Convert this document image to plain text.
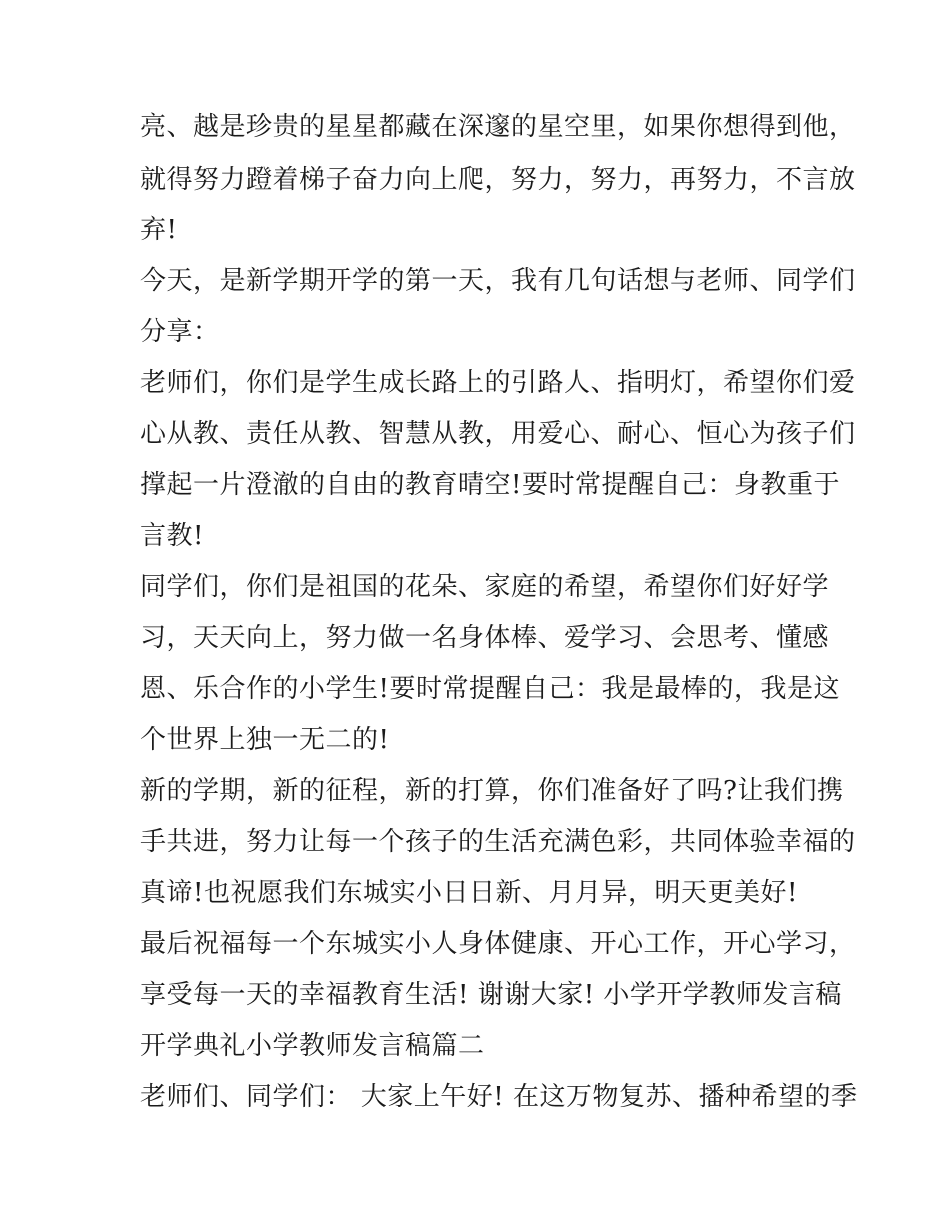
亮、越是珍贵的星星都藏在深邃的星空里，如果你想得到他，
就得努力蹬着梯子奋力向上爬，努力，努力，再努力，不言放
弃!
今天，是新学期开学的第一天，我有几句话想与老师、同学们
分享：
老师们，你们是学生成长路上的引路人、指明灯，希望你们爱
心从教、责任从教、智慧从教，用爱心、耐心、恒心为孩子们
撑起一片澄澈的自由的教育晴空!要时常提醒自己：身教重于
言教!
同学们，你们是祖国的花朵、家庭的希望，希望你们好好学
习，天天向上，努力做一名身体棒、爱学习、会思考、懂感
恩、乐合作的小学生!要时常提醒自己：我是最棒的，我是这
个世界上独一无二的!
新的学期，新的征程，新的打算，你们准备好了吗?让我们携
手共进，努力让每一个孩子的生活充满色彩，共同体验幸福的
真谛!也祝愿我们东城实小日日新、月月异，明天更美好!
最后祝福每一个东城实小人身体健康、开心工作，开心学习，
享受每一天的幸福教育生活! 谢谢大家! 小学开学教师发言稿
开学典礼小学教师发言稿篇二
老师们、同学们： 大家上午好! 在这万物复苏、播种希望的季
